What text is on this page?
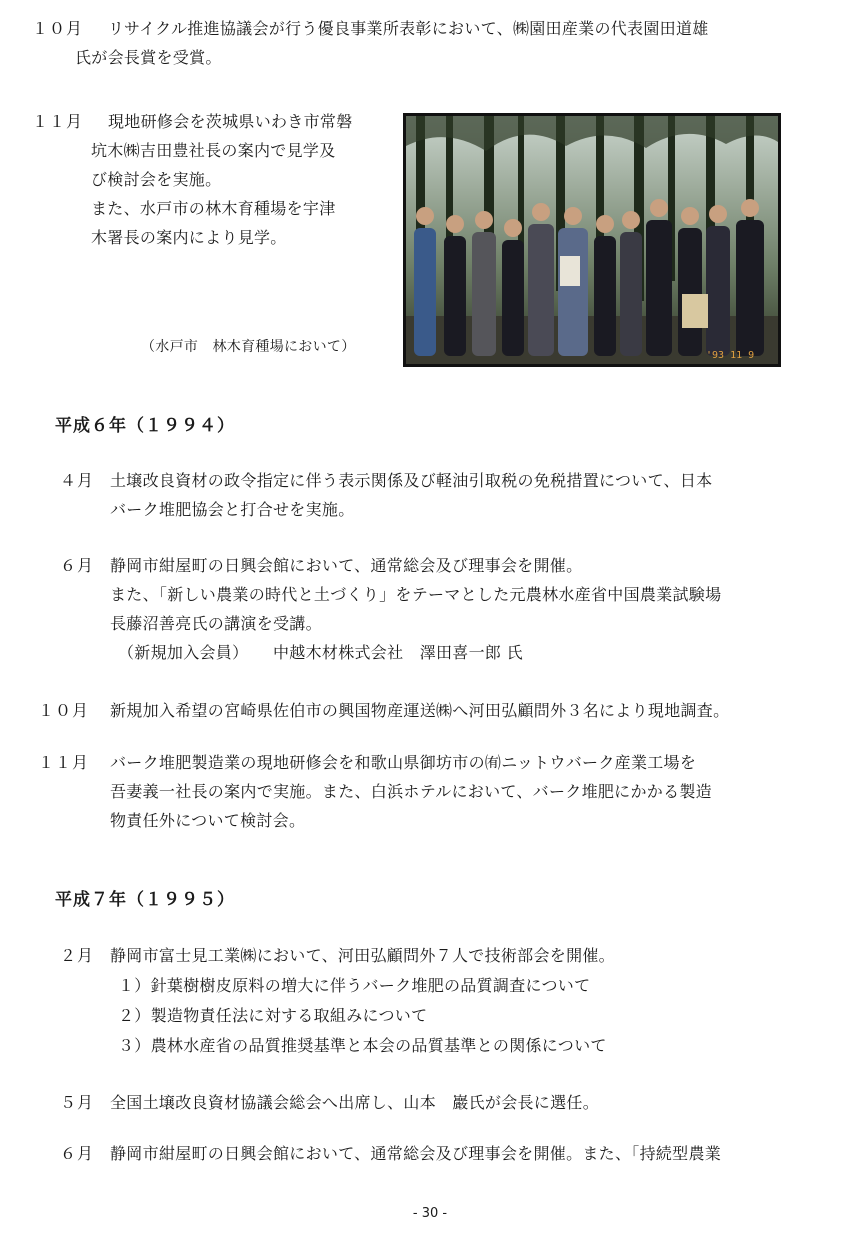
１０月 リサイクル推進協議会が行う優良事業所表彰において、㈱園田産業の代表園田道雄
氏が会長賞を受賞。
１１月 現地研修会を茨城県いわき市常磐
坑木㈱吉田豊社長の案内で見学及
び検討会を実施。
また、水戸市の林木育種場を宇津
木署長の案内により見学。
'93 11 9
（水戸市　林木育種場において）
平成６年（１９９４）
４月 土壌改良資材の政令指定に伴う表示関係及び軽油引取税の免税措置について、日本
バーク堆肥協会と打合せを実施。
６月 静岡市紺屋町の日興会館において、通常総会及び理事会を開催。
また、「新しい農業の時代と土づくり」をテーマとした元農林水産省中国農業試験場
長藤沼善亮氏の講演を受講。
（新規加入会員）　　中越木材株式会社　澤田喜一郎 氏
１０月 新規加入希望の宮崎県佐伯市の興国物産運送㈱へ河田弘顧問外３名により現地調査。
１１月 バーク堆肥製造業の現地研修会を和歌山県御坊市の㈲ニットウバーク産業工場を
吾妻義一社長の案内で実施。また、白浜ホテルにおいて、バーク堆肥にかかる製造
物責任外について検討会。
平成７年（１９９５）
２月 静岡市富士見工業㈱において、河田弘顧問外７人で技術部会を開催。
１）針葉樹樹皮原料の増大に伴うバーク堆肥の品質調査について
２）製造物責任法に対する取組みについて
３）農林水産省の品質推奨基準と本会の品質基準との関係について
５月 全国土壌改良資材協議会総会へ出席し、山本　巖氏が会長に選任。
６月 静岡市紺屋町の日興会館において、通常総会及び理事会を開催。また、「持続型農業
- 30 -
